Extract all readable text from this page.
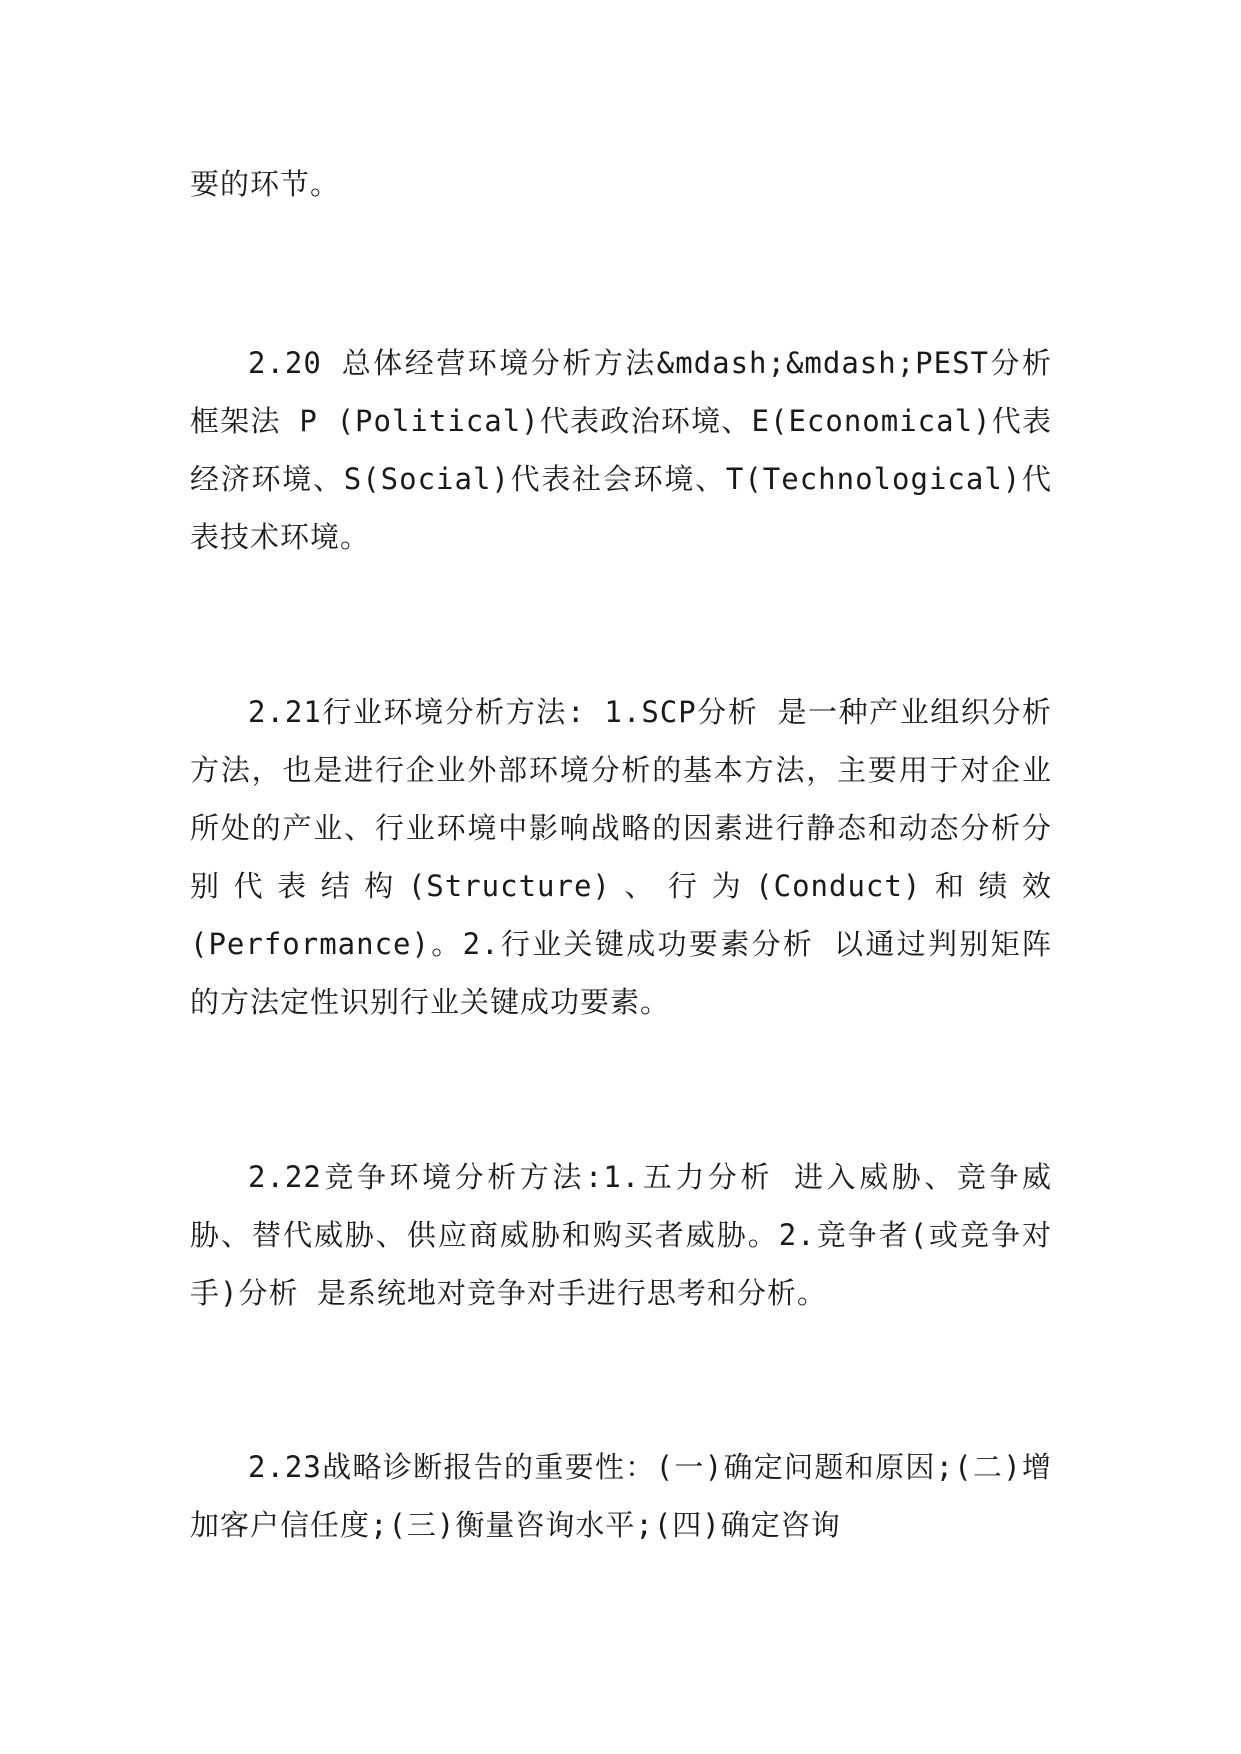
要的环节。

2.20 总体经营环境分析方法&mdash;&mdash;PEST分析框架法 P (Political)代表政治环境、E(Economical)代表经济环境、S(Social)代表社会环境、T(Technological)代表技术环境。

2.21行业环境分析方法: 1.SCP分析 是一种产业组织分析方法，也是进行企业外部环境分析的基本方法，主要用于对企业所处的产业、行业环境中影响战略的因素进行静态和动态分析分别代表结构(Structure)、行为(Conduct)和绩效(Performance)。2.行业关键成功要素分析 以通过判别矩阵的方法定性识别行业关键成功要素。

2.22竞争环境分析方法:1.五力分析 进入威胁、竞争威胁、替代威胁、供应商威胁和购买者威胁。2.竞争者(或竞争对手)分析 是系统地对竞争对手进行思考和分析。

2.23战略诊断报告的重要性：(一)确定问题和原因;(二)增加客户信任度;(三)衡量咨询水平;(四)确定咨询
